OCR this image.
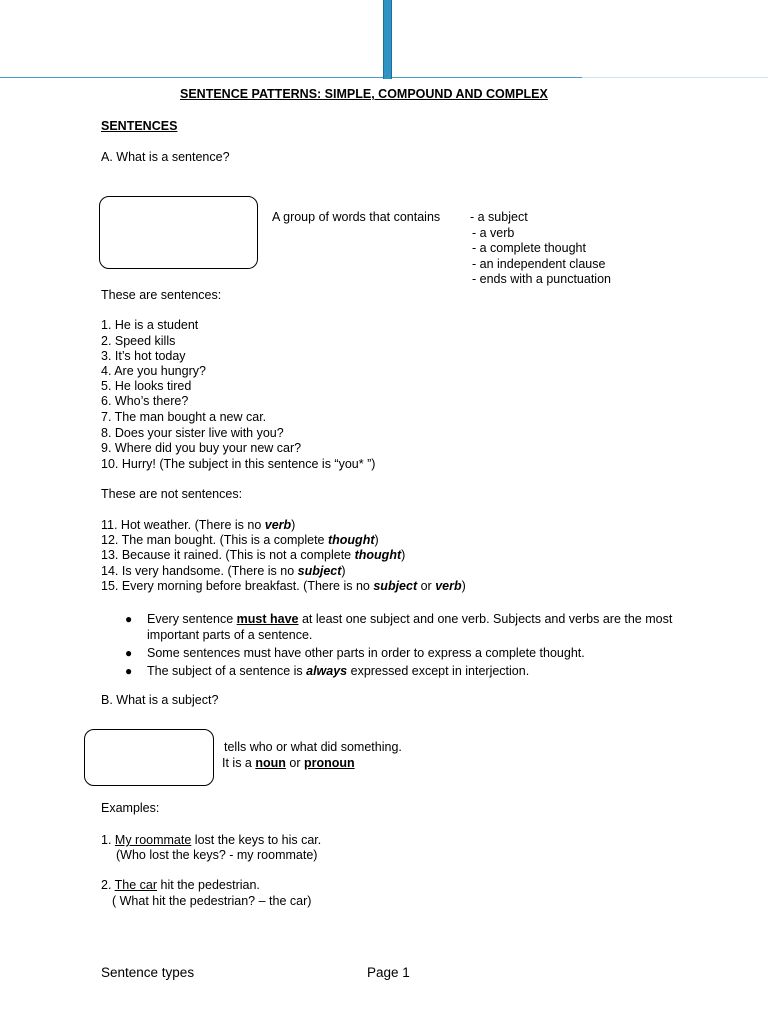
SENTENCE PATTERNS: SIMPLE, COMPOUND AND COMPLEX
SENTENCES
A. What is a sentence?
A group of words that contains - a subject
- a verb
- a complete thought
- an independent clause
- ends with a punctuation
These are sentences:
1. He is a student
2. Speed kills
3. It’s hot today
4. Are you hungry?
5. He looks tired
6. Who’s there?
7. The man bought a new car.
8. Does your sister live with you?
9. Where did you buy your new car?
10. Hurry! (The subject in this sentence is “you* ”)
These are not sentences:
11. Hot weather. (There is no verb)
12. The man bought. (This is a complete thought)
13. Because it rained. (This is not a complete thought)
14. Is very handsome. (There is no subject)
15. Every morning before breakfast. (There is no subject or verb)
● Every sentence must have at least one subject and one verb. Subjects and verbs are the most important parts of a sentence.
● Some sentences must have other parts in order to express a complete thought.
● The subject of a sentence is always expressed except in interjection.
B. What is a subject?
tells who or what did something.
It is a noun or pronoun
Examples:
1. My roommate lost the keys to his car.
(Who lost the keys? - my roommate)
2. The car hit the pedestrian.
( What hit the pedestrian? – the car)
Sentence types	Page 1
